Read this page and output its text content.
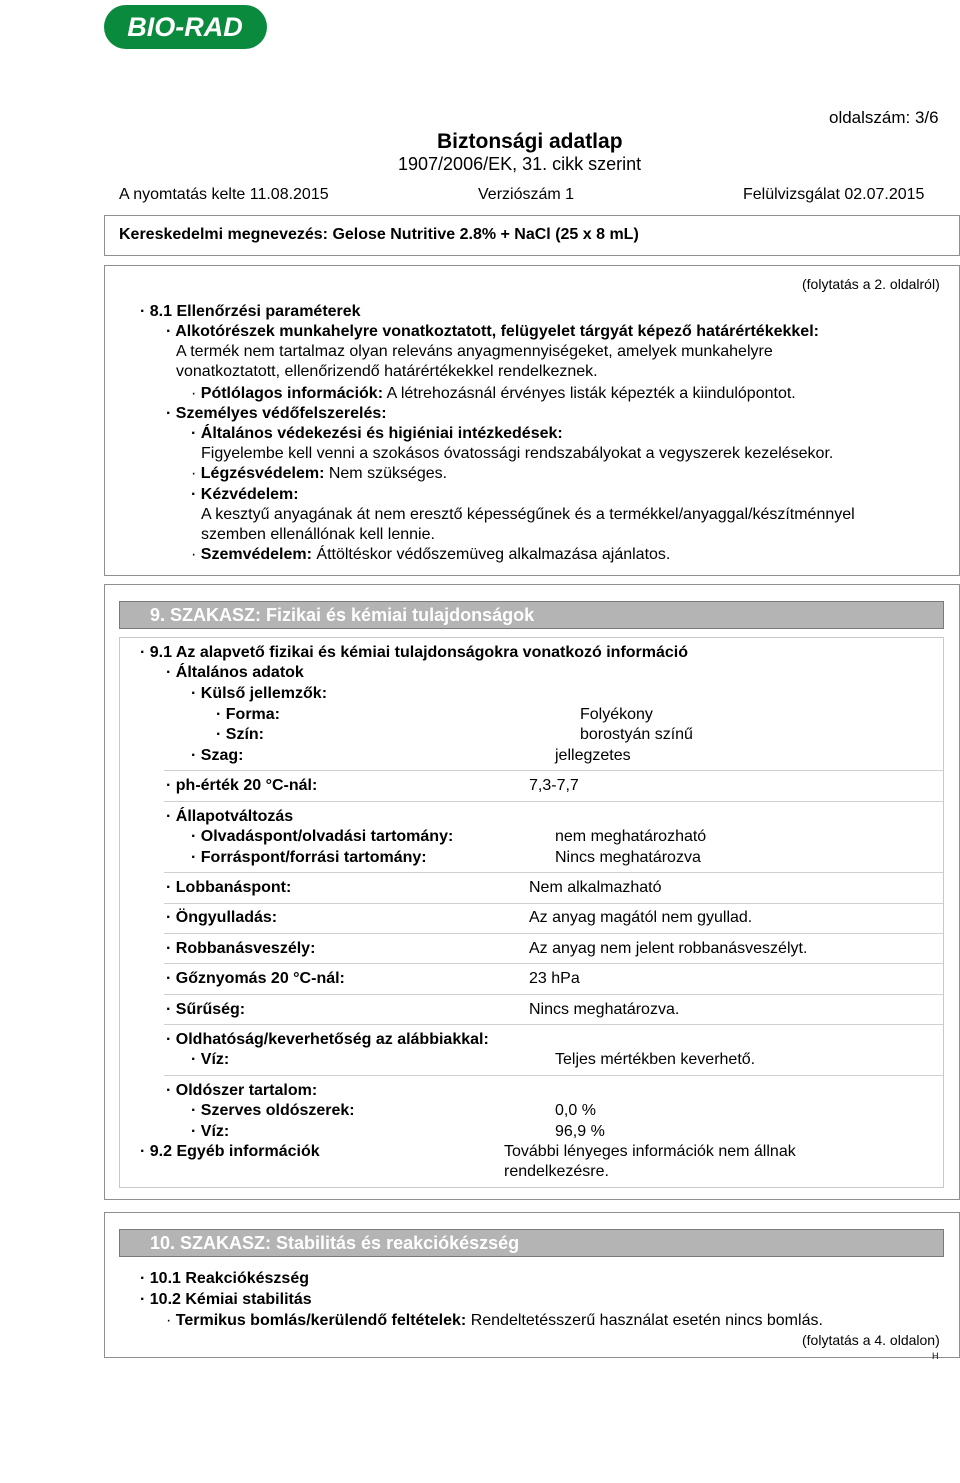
BIO-RAD
oldalszám: 3/6
Biztonsági adatlap
1907/2006/EK, 31. cikk szerint
A nyomtatás kelte 11.08.2015	Verziószám 1	Felülvizsgálat 02.07.2015
Kereskedelmi megnevezés: Gelose Nutritive 2.8% + NaCl (25 x 8 mL)
(folytatás a 2. oldalról)
· 8.1 Ellenőrzési paraméterek
· Alkotórészek munkahelyre vonatkoztatott, felügyelet tárgyát képező határértékekkel:
A termék nem tartalmaz olyan releváns anyagmennyiségeket, amelyek munkahelyre
vonatkoztatott, ellenőrizendő határértékekkel rendelkeznek.
· Pótlólagos információk: A létrehozásnál érvényes listák képezték a kiindulópontot.
· Személyes védőfelszerelés:
· Általános védekezési és higiéniai intézkedések:
Figyelembe kell venni a szokásos óvatossági rendszabályokat a vegyszerek kezelésekor.
· Légzésvédelem: Nem szükséges.
· Kézvédelem:
A kesztyű anyagának át nem eresztő képességűnek és a termékkel/anyaggal/készítménnyel
szemben ellenállónak kell lennie.
· Szemvédelem: Áttöltéskor védőszemüveg alkalmazása ajánlatos.
9. SZAKASZ: Fizikai és kémiai tulajdonságok
· 9.1 Az alapvető fizikai és kémiai tulajdonságokra vonatkozó információ
· Általános adatok
· Külső jellemzők:
· Forma:	Folyékony
· Szín:	borostyán színű
· Szag:	jellegzetes
· ph-érték 20 °C-nál:	7,3-7,7
· Állapotváltozás
· Olvadáspont/olvadási tartomány:	nem meghatározható
· Forráspont/forrási tartomány:	Nincs meghatározva
· Lobbanáspont:	Nem alkalmazható
· Öngyulladás:	Az anyag magától nem gyullad.
· Robbanásveszély:	Az anyag nem jelent robbanásveszélyt.
· Gőznyomás 20 °C-nál:	23 hPa
· Sűrűség:	Nincs meghatározva.
· Oldhatóság/keverhetőség az alábbiakkal:
· Víz:	Teljes mértékben keverhető.
· Oldószer tartalom:
· Szerves oldószerek:	0,0 %
· Víz:	96,9 %
· 9.2 Egyéb információk	További lényeges információk nem állnak
rendelkezésre.
10. SZAKASZ: Stabilitás és reakciókészség
· 10.1 Reakciókészség
· 10.2 Kémiai stabilitás
· Termikus bomlás/kerülendő feltételek: Rendeltetésszerű használat esetén nincs bomlás.
(folytatás a 4. oldalon)
H
